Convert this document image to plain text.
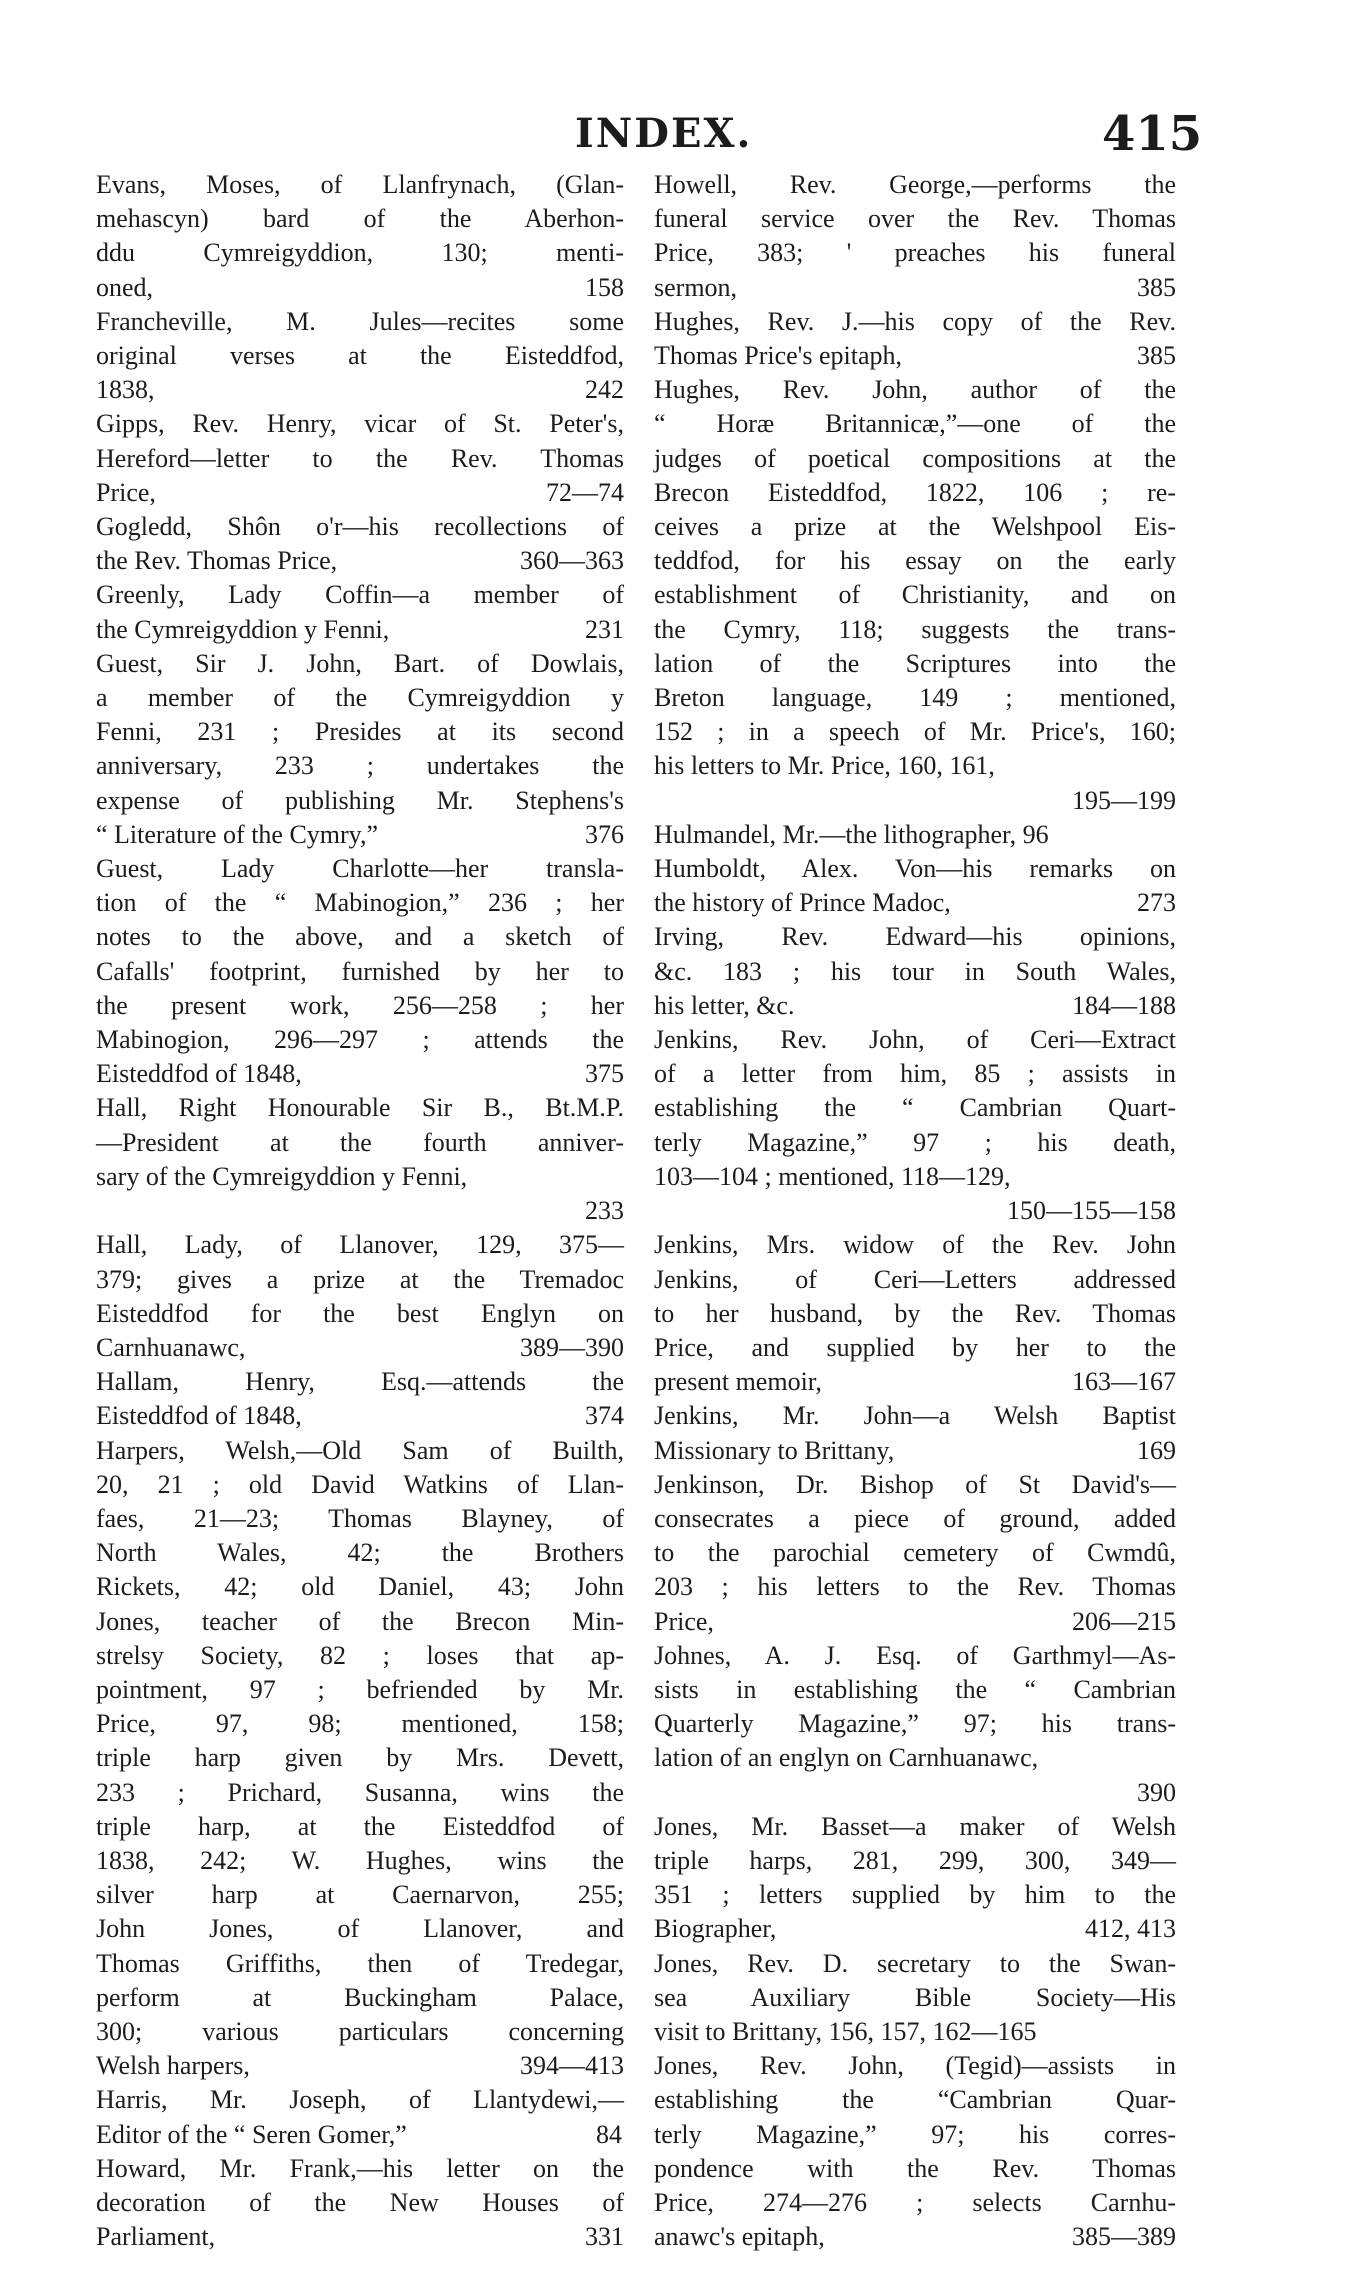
INDEX.	415

Evans, Moses, of Llanfrynach, (Glan-
mehascyn) bard of the Aberhon-
ddu Cymreigyddion, 130; menti-
oned,	158

Francheville, M. Jules—recites some
original verses at the Eisteddfod,
1838,	242

Gipps, Rev. Henry, vicar of St. Peter's,
Hereford—letter to the Rev. Thomas
Price,	72—74

Gogledd, Shôn o'r—his recollections of
the Rev. Thomas Price,	360—363

Greenly, Lady Coffin—a member of
the Cymreigyddion y Fenni,	231

Guest, Sir J. John, Bart. of Dowlais,
a member of the Cymreigyddion y
Fenni, 231 ; Presides at its second
anniversary, 233 ; undertakes the
expense of publishing Mr. Stephens's
“ Literature of the Cymry,”	376

Guest, Lady Charlotte—her transla-
tion of the “ Mabinogion,” 236 ; her
notes to the above, and a sketch of
Cafalls' footprint, furnished by her to
the present work, 256—258 ; her
Mabinogion, 296—297 ; attends the
Eisteddfod of 1848,	375

Hall, Right Honourable Sir B., Bt.M.P.
—President at the fourth anniver-
sary of the Cymreigyddion y Fenni,
233

Hall, Lady, of Llanover, 129, 375—
379; gives a prize at the Tremadoc
Eisteddfod for the best Englyn on
Carnhuanawc,	389—390

Hallam, Henry, Esq.—attends the
Eisteddfod of 1848,	374

Harpers, Welsh,—Old Sam of Builth,
20, 21 ; old David Watkins of Llan-
faes, 21—23; Thomas Blayney, of
North Wales, 42; the Brothers
Rickets, 42; old Daniel, 43; John
Jones, teacher of the Brecon Min-
strelsy Society, 82 ; loses that ap-
pointment, 97 ; befriended by Mr.
Price, 97, 98; mentioned, 158;
triple harp given by Mrs. Devett,
233 ; Prichard, Susanna, wins the
triple harp, at the Eisteddfod of
1838, 242; W. Hughes, wins the
silver harp at Caernarvon, 255;
John Jones, of Llanover, and
Thomas Griffiths, then of Tredegar,
perform at Buckingham Palace,
300; various particulars concerning
Welsh harpers,	394—413

Harris, Mr. Joseph, of Llantydewi,—
Editor of the “ Seren Gomer,”	84

Howard, Mr. Frank,—his letter on the
decoration of the New Houses of
Parliament,	331

Howell, Rev. George,—performs the
funeral service over the Rev. Thomas
Price, 383; ' preaches his funeral
sermon,	385

Hughes, Rev. J.—his copy of the Rev.
Thomas Price's epitaph,	385

Hughes, Rev. John, author of the
“ Horæ Britannicæ,”—one of the
judges of poetical compositions at the
Brecon Eisteddfod, 1822, 106 ; re-
ceives a prize at the Welshpool Eis-
teddfod, for his essay on the early
establishment of Christianity, and on
the Cymry, 118; suggests the trans-
lation of the Scriptures into the
Breton language, 149 ; mentioned,
152 ; in a speech of Mr. Price's, 160;
his letters to Mr. Price, 160, 161,
195—199

Hulmandel, Mr.—the lithographer, 96

Humboldt, Alex. Von—his remarks on
the history of Prince Madoc,	273

Irving, Rev. Edward—his opinions,
&c. 183 ; his tour in South Wales,
his letter, &c.	184—188

Jenkins, Rev. John, of Ceri—Extract
of a letter from him, 85 ; assists in
establishing the “ Cambrian Quart-
terly Magazine,” 97 ; his death,
103—104 ; mentioned, 118—129,
150—155—158

Jenkins, Mrs. widow of the Rev. John
Jenkins, of Ceri—Letters addressed
to her husband, by the Rev. Thomas
Price, and supplied by her to the
present memoir,	163—167

Jenkins, Mr. John—a Welsh Baptist
Missionary to Brittany,	169

Jenkinson, Dr. Bishop of St David's—
consecrates a piece of ground, added
to the parochial cemetery of Cwmdû,
203 ; his letters to the Rev. Thomas
Price,	206—215

Johnes, A. J. Esq. of Garthmyl—As-
sists in establishing the “ Cambrian
Quarterly Magazine,” 97; his trans-
lation of an englyn on Carnhuanawc,
390

Jones, Mr. Basset—a maker of Welsh
triple harps, 281, 299, 300, 349—
351 ; letters supplied by him to the
Biographer,	412, 413

Jones, Rev. D. secretary to the Swan-
sea Auxiliary Bible Society—His
visit to Brittany, 156, 157, 162—165

Jones, Rev. John, (Tegid)—assists in
establishing the “Cambrian Quar-
terly Magazine,” 97; his corres-
pondence with the Rev. Thomas
Price, 274—276 ; selects Carnhu-
anawc's epitaph,	385—389
